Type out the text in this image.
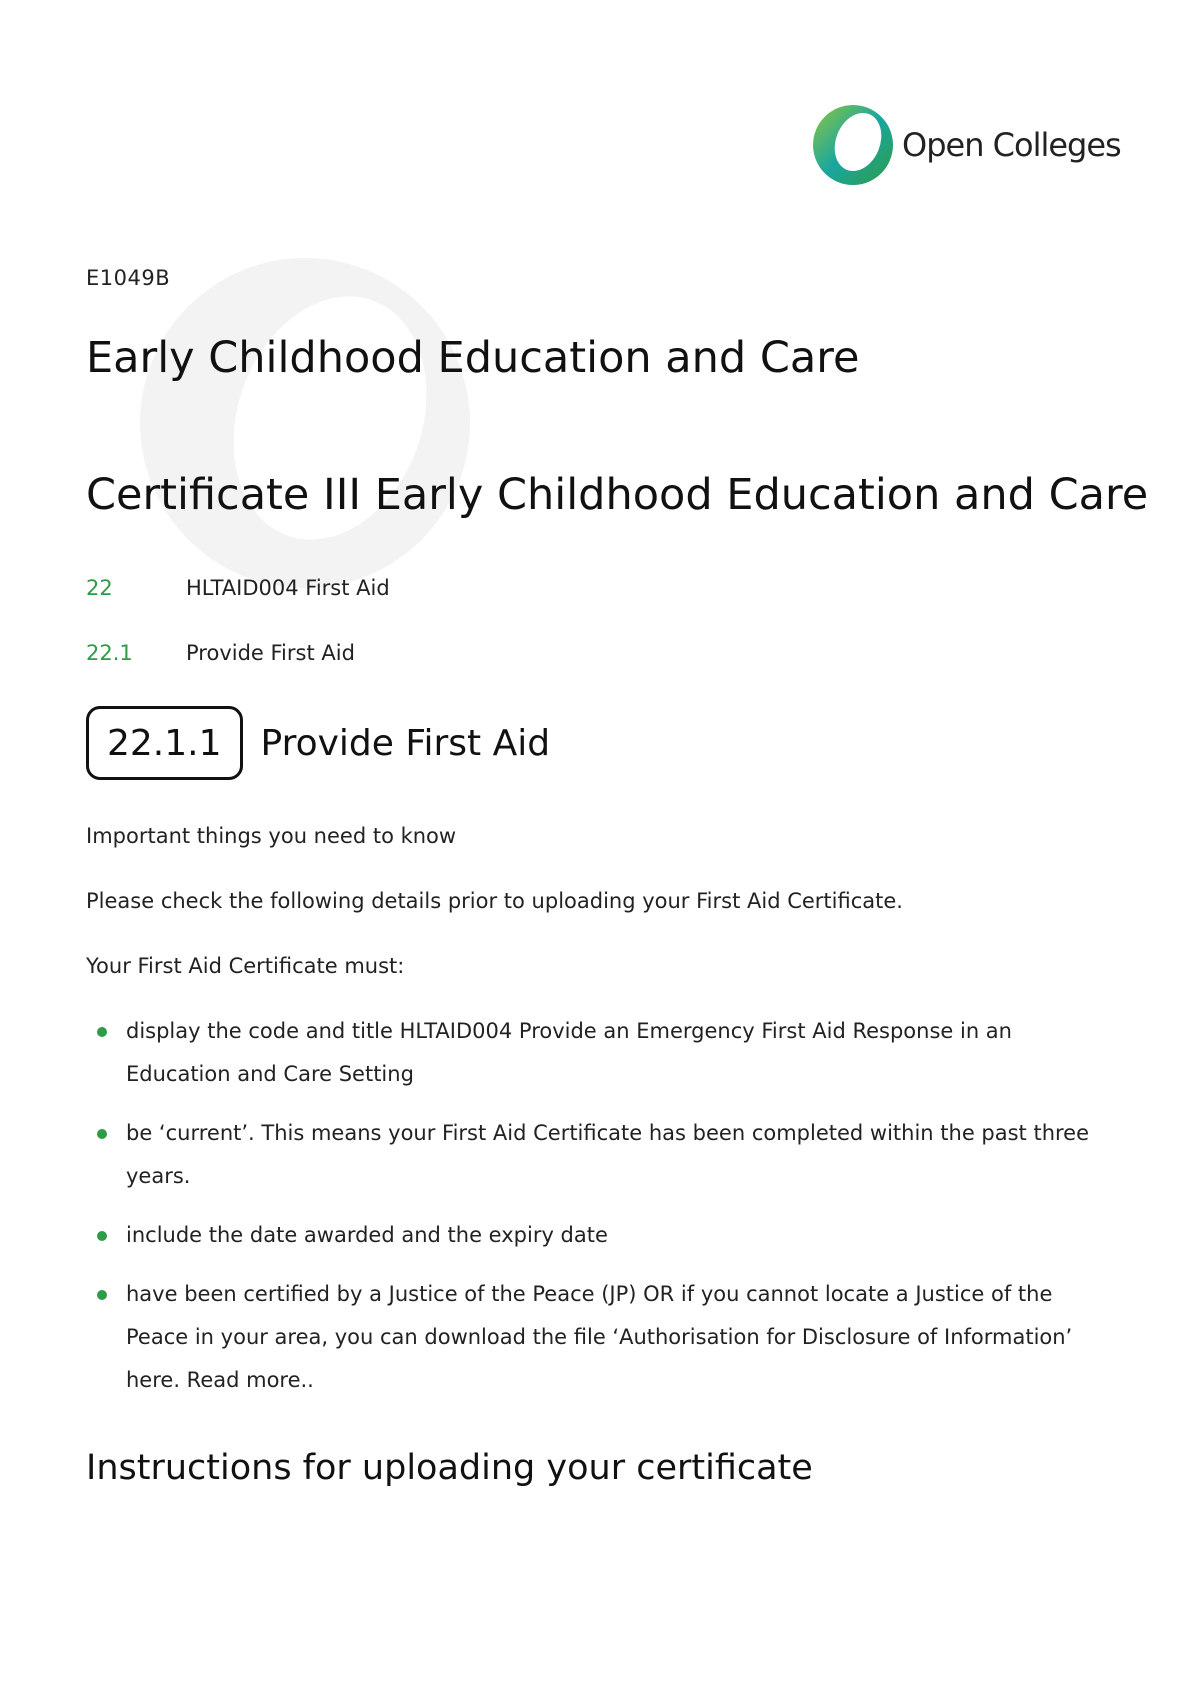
Open Colleges
E1049B
Early Childhood Education and Care
Certificate III Early Childhood Education and Care
22	HLTAID004 First Aid
22.1	Provide First Aid
22.1.1	Provide First Aid
Important things you need to know
Please check the following details prior to uploading your First Aid Certificate.
Your First Aid Certificate must:
display the code and title HLTAID004 Provide an Emergency First Aid Response in an Education and Care Setting
be ‘current’. This means your First Aid Certificate has been completed within the past three years.
include the date awarded and the expiry date
have been certified by a Justice of the Peace (JP) OR if you cannot locate a Justice of the Peace in your area, you can download the file ‘Authorisation for Disclosure of Information’ here. Read more..
Instructions for uploading your certificate
